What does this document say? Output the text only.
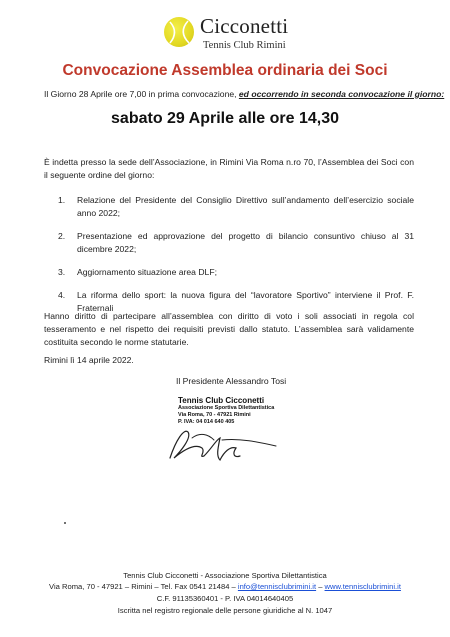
Cicconetti
Tennis Club Rimini
Convocazione Assemblea ordinaria dei Soci
Il Giorno 28 Aprile ore 7,00 in prima convocazione, ed occorrendo in seconda convocazione il giorno:
sabato 29 Aprile alle ore 14,30
È indetta presso la sede dell’Associazione, in Rimini Via Roma n.ro 70, l’Assemblea dei Soci con il seguente ordine del giorno:
1. Relazione del Presidente del Consiglio Direttivo sull’andamento dell’esercizio sociale anno 2022;
2. Presentazione ed approvazione del progetto di bilancio consuntivo chiuso al 31 dicembre 2022;
3. Aggiornamento situazione area DLF;
4. La riforma dello sport: la nuova figura del “lavoratore Sportivo” interviene il Prof. F. Fraternali
Hanno diritto di partecipare all’assemblea con diritto di voto i soli associati in regola col tesseramento e nel rispetto dei requisiti previsti dallo statuto. L’assemblea sarà validamente costituita secondo le norme statutarie.
Rimini lì 14 aprile 2022.
Il Presidente Alessandro Tosi
Tennis Club Cicconetti
Associazione Sportiva Dilettantistica
Via Roma, 70 - 47921 Rimini
P. IVA: 04 014 640 405
Tennis Club Cicconetti - Associazione Sportiva Dilettantistica
Via Roma, 70 - 47921 – Rimini – Tel. Fax 0541 21484 – info@tennisclubrimini.it – www.tennisclubrimini.it
C.F. 91135360401 - P. IVA 04014640405
Iscritta nel registro regionale delle persone giuridiche al N. 1047
